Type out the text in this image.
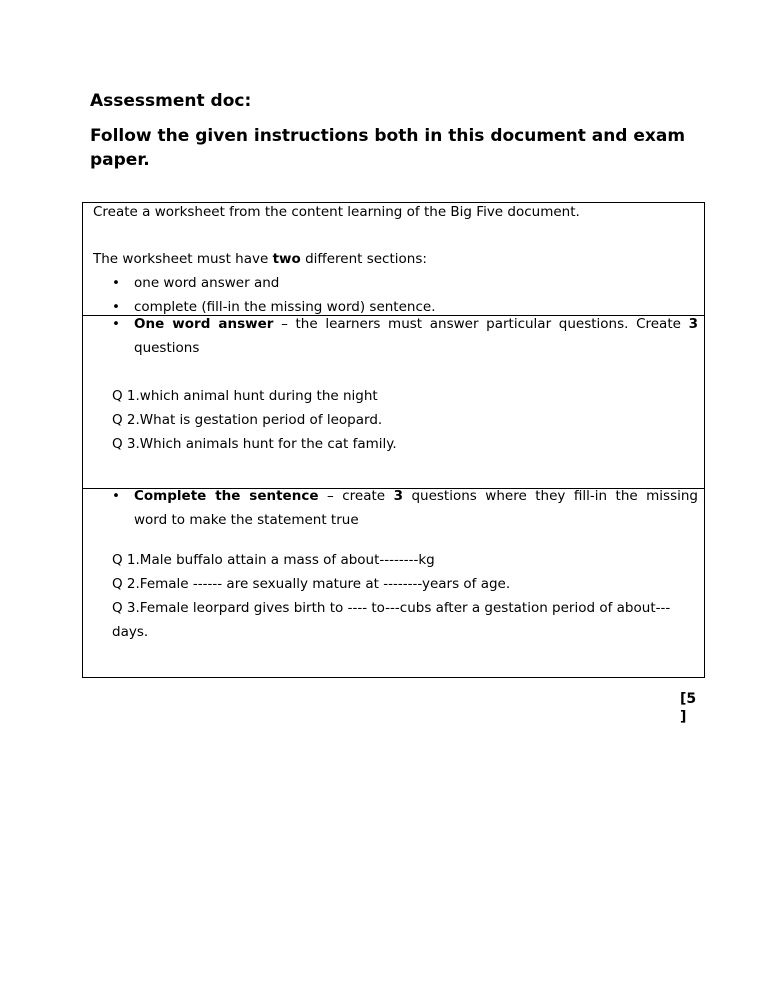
Assessment doc:
Follow the given instructions both in this document and exam paper.
Create a worksheet from the content learning of the Big Five document.
The worksheet must have two different sections:
• one word answer and
• complete (fill-in the missing word) sentence.
• One word answer – the learners must answer particular questions. Create 3
questions
Q 1.which animal hunt during the night
Q 2.What is gestation period of leopard.
Q 3.Which animals hunt for the cat family.
• Complete the sentence – create 3 questions where they fill-in the missing
word to make the statement true
Q 1.Male buffalo attain a mass of about--------kg
Q 2.Female ------ are sexually mature at --------years of age.
Q 3.Female leorpard gives birth to ---- to---cubs after a gestation period of about---
days.
[5
]
